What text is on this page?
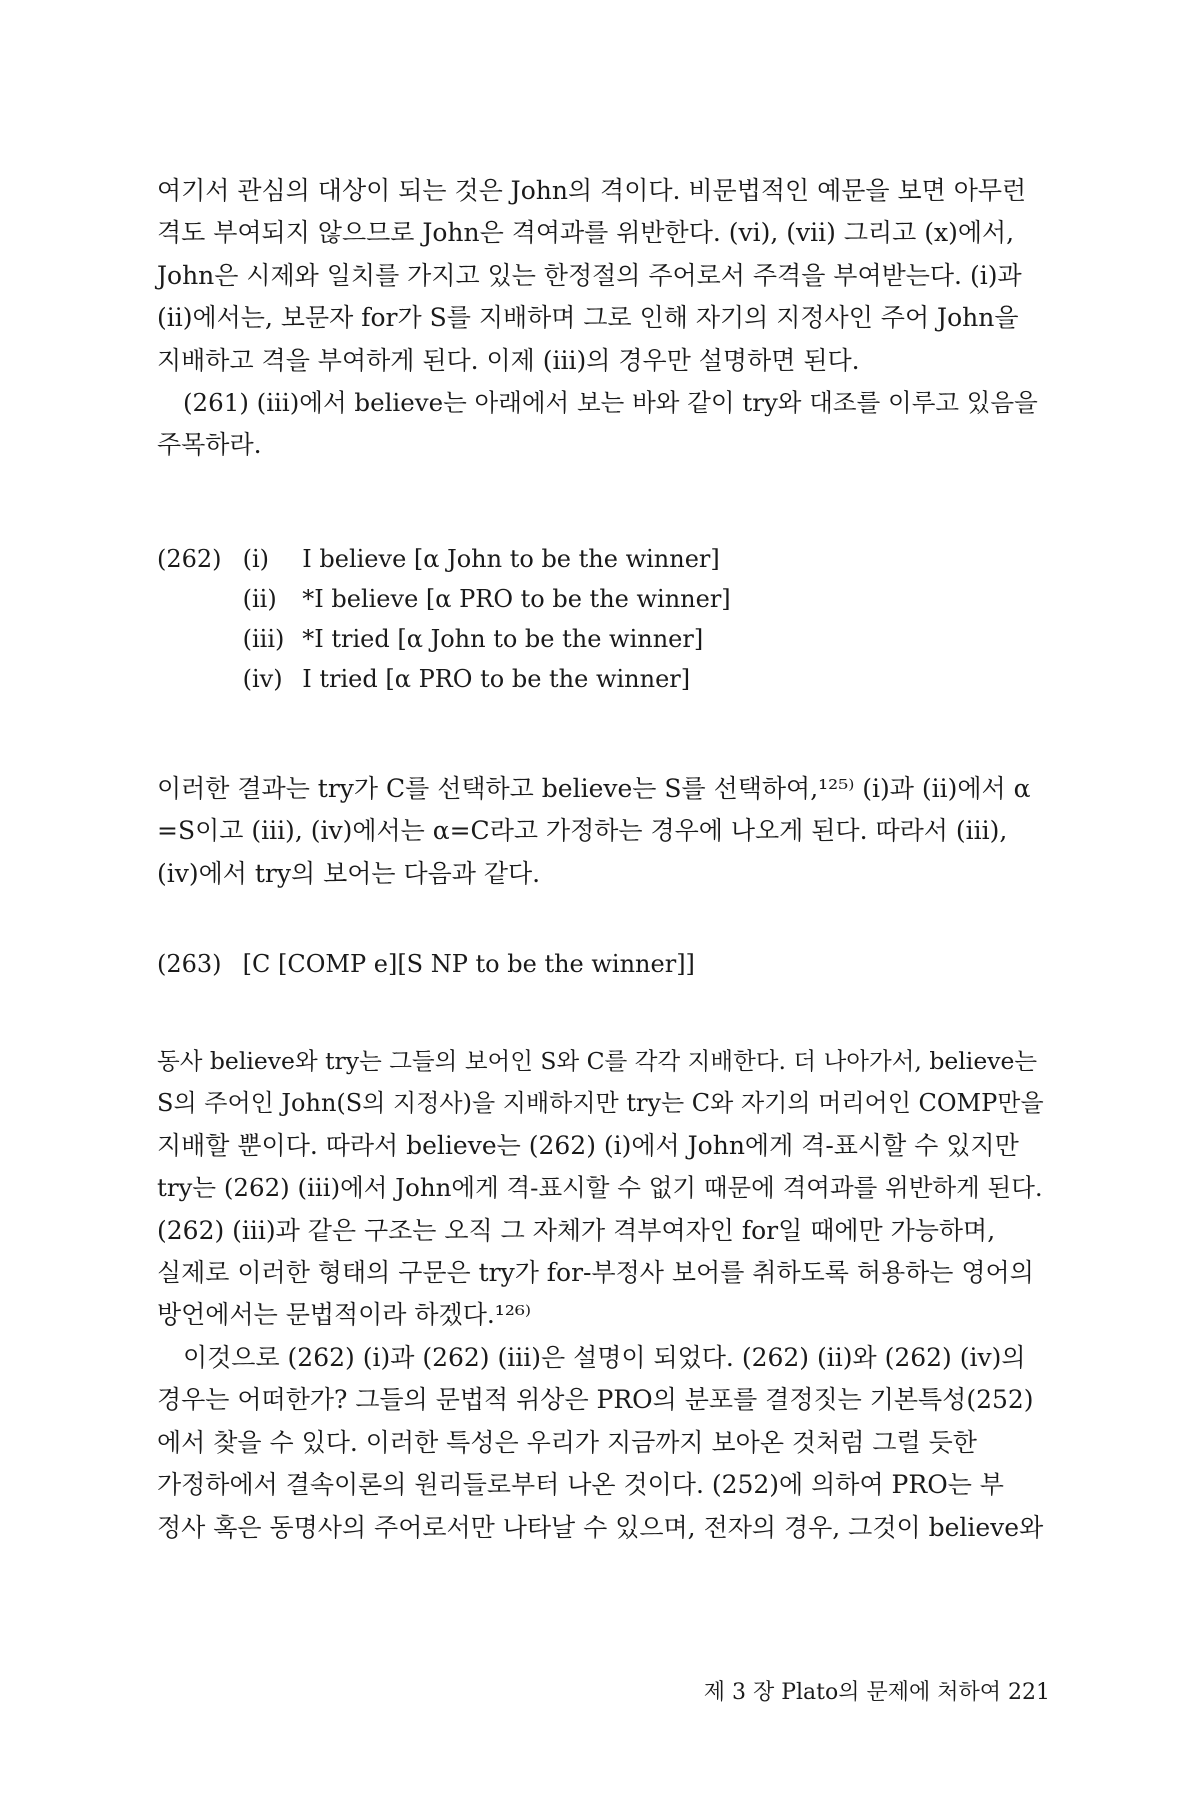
여기서 관심의 대상이 되는 것은 John의 격이다. 비문법적인 예문을 보면 아무런
격도 부여되지 않으므로 John은 격여과를 위반한다. (vi), (vii) 그리고 (x)에서,
John은 시제와 일치를 가지고 있는 한정절의 주어로서 주격을 부여받는다. (i)과
(ii)에서는, 보문자 for가 S를 지배하며 그로 인해 자기의 지정사인 주어 John을
지배하고 격을 부여하게 된다. 이제 (iii)의 경우만 설명하면 된다.
(261) (iii)에서 believe는 아래에서 보는 바와 같이 try와 대조를 이루고 있음을
주목하라.
(262) (i) I believe [α John to be the winner]
(ii) *I believe [α PRO to be the winner]
(iii) *I tried [α John to be the winner]
(iv) I tried [α PRO to be the winner]
이러한 결과는 try가 C를 선택하고 believe는 S를 선택하여,¹²⁵⁾ (i)과 (ii)에서 α
=S이고 (iii), (iv)에서는 α=C라고 가정하는 경우에 나오게 된다. 따라서 (iii),
(iv)에서 try의 보어는 다음과 같다.
(263) [C [COMP e][S NP to be the winner]]
동사 believe와 try는 그들의 보어인 S와 C를 각각 지배한다. 더 나아가서, believe는
S의 주어인 John(S의 지정사)을 지배하지만 try는 C와 자기의 머리어인 COMP만을
지배할 뿐이다. 따라서 believe는 (262) (i)에서 John에게 격-표시할 수 있지만
try는 (262) (iii)에서 John에게 격-표시할 수 없기 때문에 격여과를 위반하게 된다.
(262) (iii)과 같은 구조는 오직 그 자체가 격부여자인 for일 때에만 가능하며,
실제로 이러한 형태의 구문은 try가 for-부정사 보어를 취하도록 허용하는 영어의
방언에서는 문법적이라 하겠다.¹²⁶⁾
이것으로 (262) (i)과 (262) (iii)은 설명이 되었다. (262) (ii)와 (262) (iv)의
경우는 어떠한가? 그들의 문법적 위상은 PRO의 분포를 결정짓는 기본특성(252)
에서 찾을 수 있다. 이러한 특성은 우리가 지금까지 보아온 것처럼 그럴 듯한
가정하에서 결속이론의 원리들로부터 나온 것이다. (252)에 의하여 PRO는 부
정사 혹은 동명사의 주어로서만 나타날 수 있으며, 전자의 경우, 그것이 believe와
제 3 장 Plato의 문제에 처하여 221
